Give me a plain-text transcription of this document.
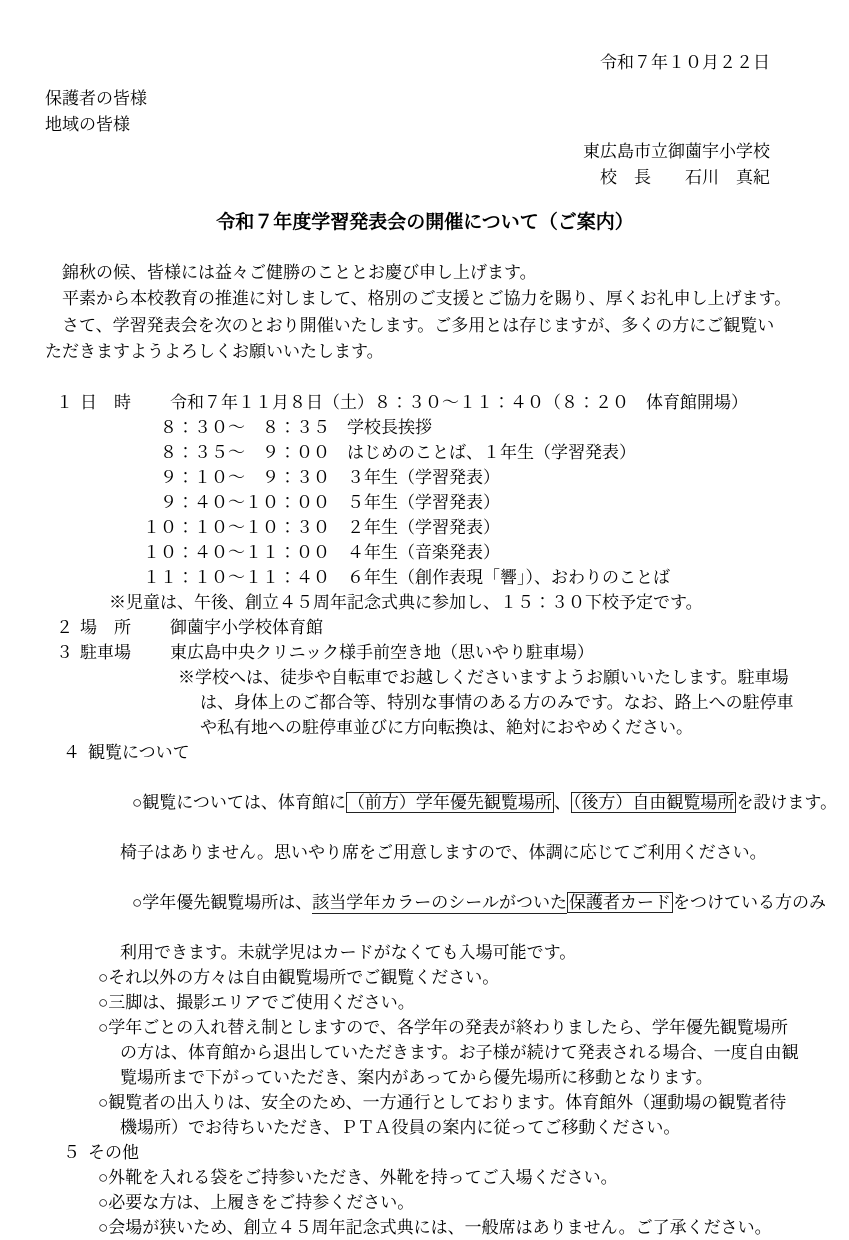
令和７年１０月２２日
保護者の皆様
地域の皆様
東広島市立御薗宇小学校
校　長　　石川　真紀
令和７年度学習発表会の開催について（ご案内）
　錦秋の候、皆様には益々ご健勝のこととお慶び申し上げます。
　平素から本校教育の推進に対しまして、格別のご支援とご協力を賜り、厚くお礼申し上げます。
　さて、学習発表会を次のとおり開催いたします。ご多用とは存じますが、多くの方にご観覧い
ただきますようよろしくお願いいたします。
１ 日　時	令和７年１１月８日（土）８：３０～１１：４０（８：２０　体育館開場）
　８：３０～　８：３５　学校長挨拶
　８：３５～　９：００　はじめのことば、１年生（学習発表）
　９：１０～　９：３０　３年生（学習発表）
　９：４０～１０：００　５年生（学習発表）
１０：１０～１０：３０　２年生（学習発表）
１０：４０～１１：００　４年生（音楽発表）
１１：１０～１１：４０　６年生（創作表現「響」）、おわりのことば
※児童は、午後、創立４５周年記念式典に参加し、１５：３０下校予定です。
２ 場　所	御薗宇小学校体育館
３ 駐車場	東広島中央クリニック様手前空き地（思いやり駐車場）
※学校へは、徒歩や自転車でお越しくださいますようお願いいたします。駐車場
は、身体上のご都合等、特別な事情のある方のみです。なお、路上への駐停車
や私有地への駐停車並びに方向転換は、絶対におやめください。
４ 観覧について

○観覧については、体育館に （前方）学年優先観覧場所 、 （後方）自由観覧場所 を設けます。

椅子はありません。思いやり席をご用意しますので、体調に応じてご利用ください。

○学年優先観覧場所は、該当学年カラーのシールがついた 保護者カード をつけている方のみ

利用できます。未就学児はカードがなくても入場可能です。
○それ以外の方々は自由観覧場所でご観覧ください。
○三脚は、撮影エリアでご使用ください。
○学年ごとの入れ替え制としますので、各学年の発表が終わりましたら、学年優先観覧場所
の方は、体育館から退出していただきます。お子様が続けて発表される場合、一度自由観
覧場所まで下がっていただき、案内があってから優先場所に移動となります。
○観覧者の出入りは、安全のため、一方通行としております。体育館外（運動場の観覧者待
機場所）でお待ちいただき、ＰＴＡ役員の案内に従ってご移動ください。
５ その他
○外靴を入れる袋をご持参いただき、外靴を持ってご入場ください。
○必要な方は、上履きをご持参ください。
○会場が狭いため、創立４５周年記念式典には、一般席はありません。ご了承ください。
